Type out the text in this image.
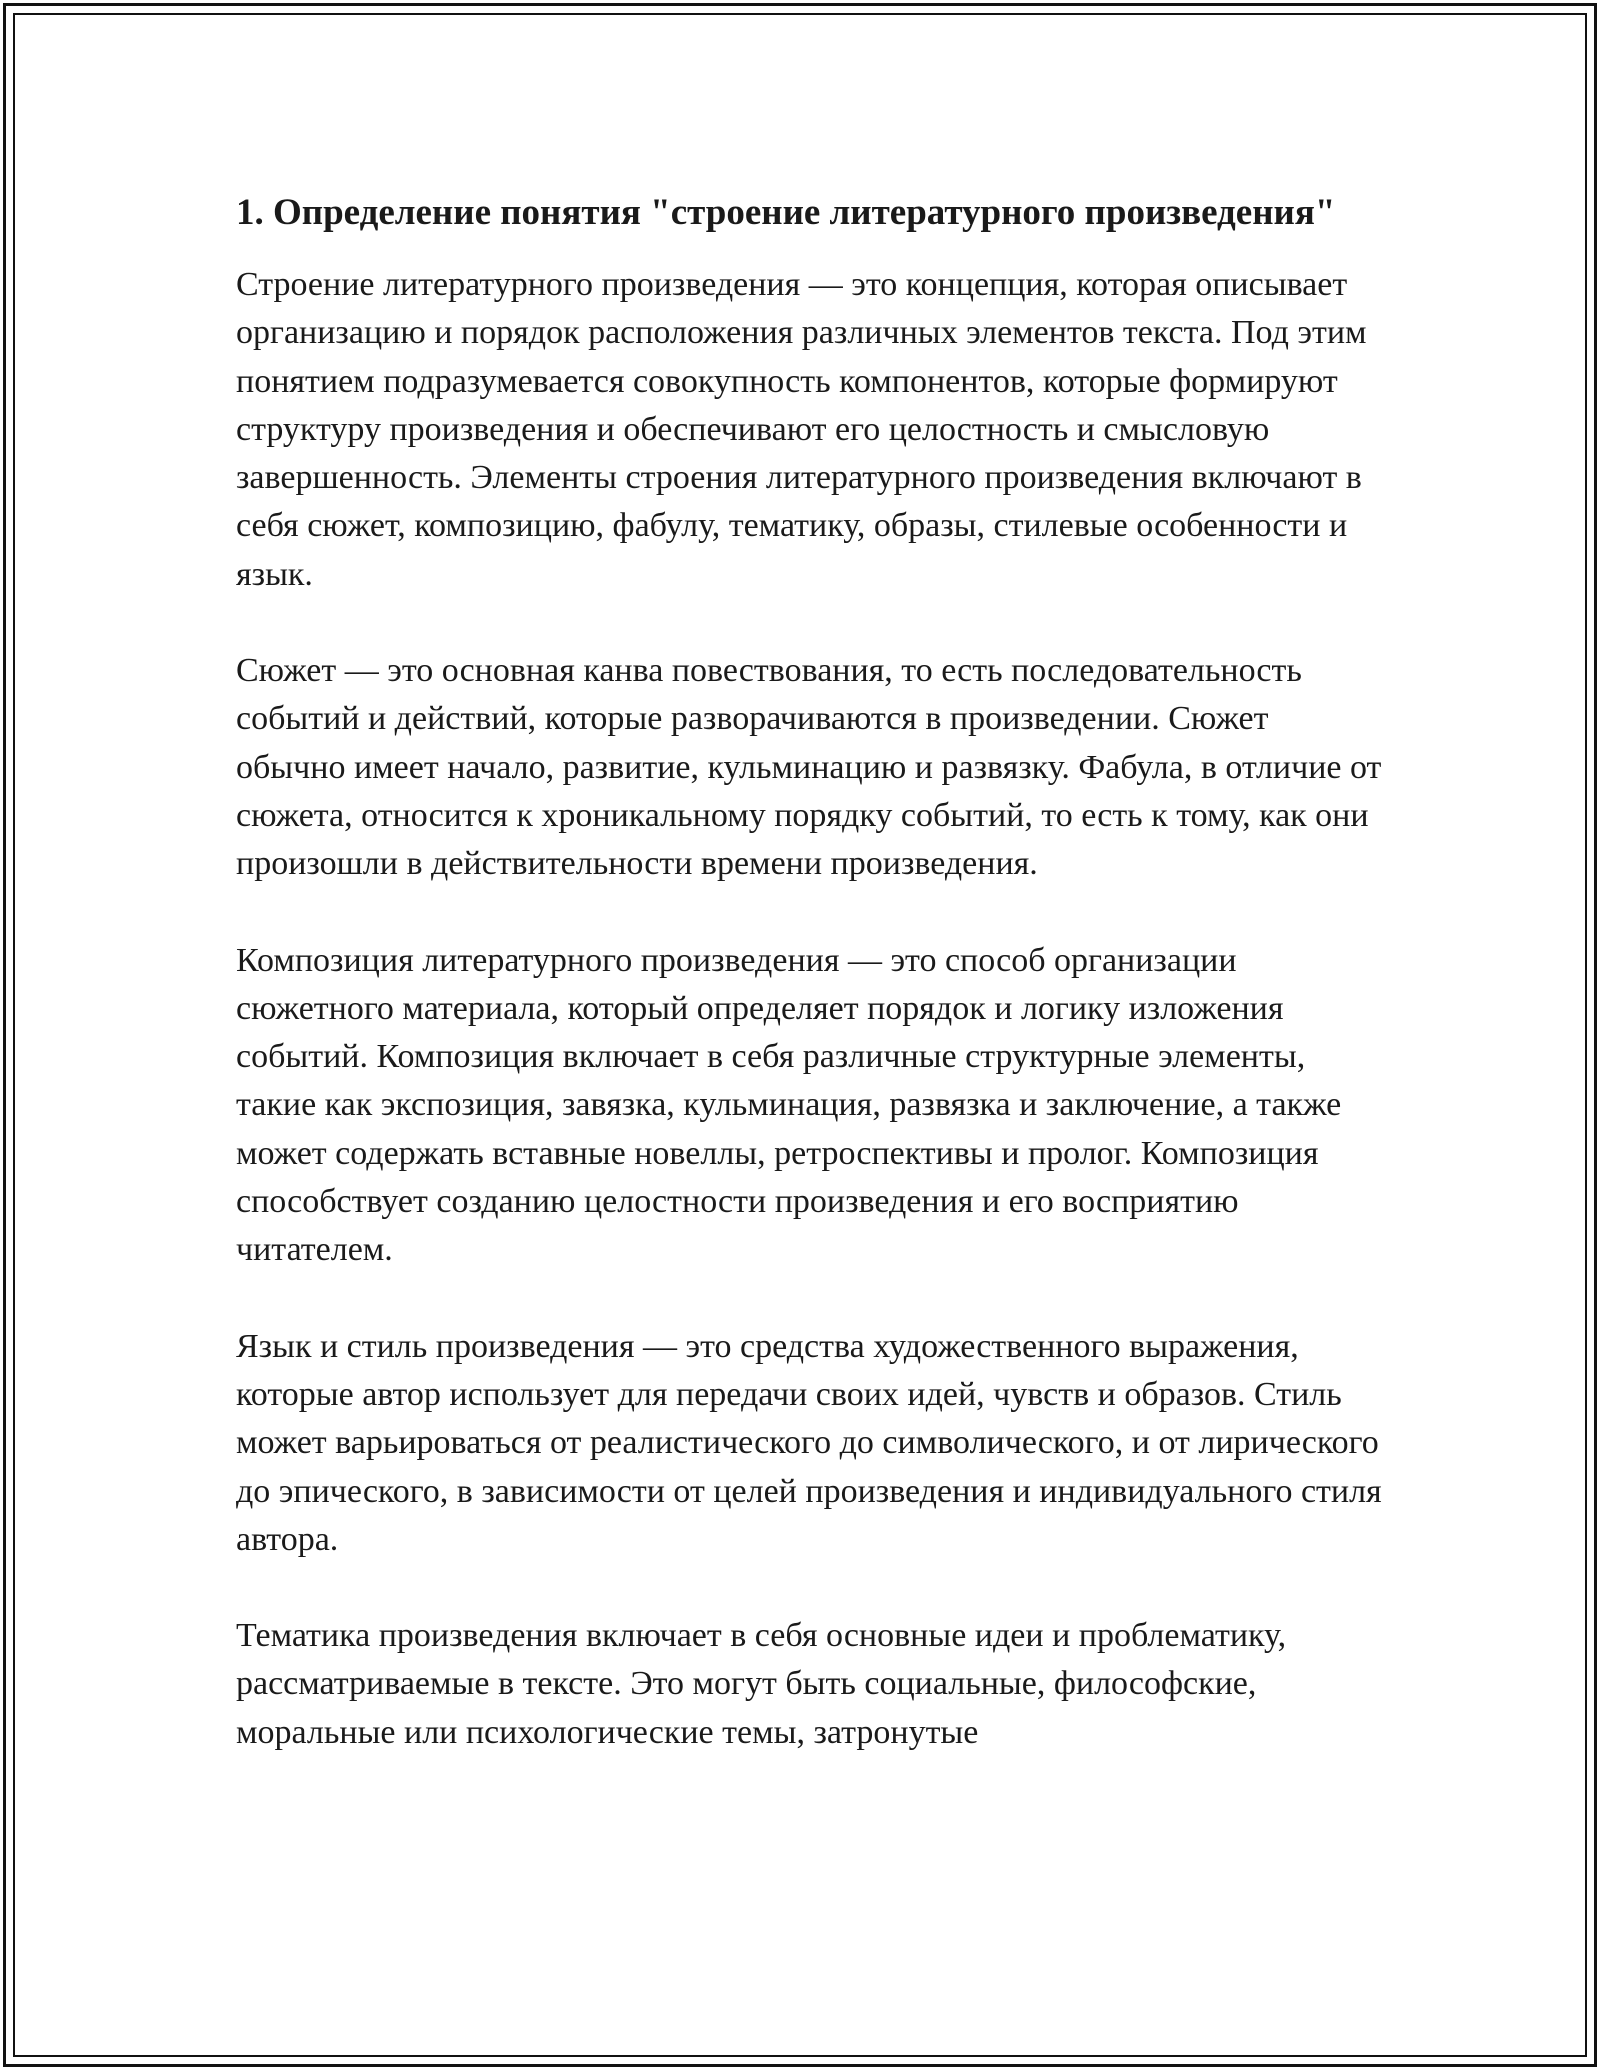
1. Определение понятия "строение литературного произведения"

Строение литературного произведения — это концепция, которая описывает организацию и порядок расположения различных элементов текста. Под этим понятием подразумевается совокупность компонентов, которые формируют структуру произведения и обеспечивают его целостность и смысловую завершенность. Элементы строения литературного произведения включают в себя сюжет, композицию, фабулу, тематику, образы, стилевые особенности и язык.

Сюжет — это основная канва повествования, то есть последовательность событий и действий, которые разворачиваются в произведении. Сюжет обычно имеет начало, развитие, кульминацию и развязку. Фабула, в отличие от сюжета, относится к хроникальному порядку событий, то есть к тому, как они произошли в действительности времени произведения.

Композиция литературного произведения — это способ организации сюжетного материала, который определяет порядок и логику изложения событий. Композиция включает в себя различные структурные элементы, такие как экспозиция, завязка, кульминация, развязка и заключение, а также может содержать вставные новеллы, ретроспективы и пролог. Композиция способствует созданию целостности произведения и его восприятию читателем.

Язык и стиль произведения — это средства художественного выражения, которые автор использует для передачи своих идей, чувств и образов. Стиль может варьироваться от реалистического до символического, и от лирического до эпического, в зависимости от целей произведения и индивидуального стиля автора.

Тематика произведения включает в себя основные идеи и проблематику, рассматриваемые в тексте. Это могут быть социальные, философские, моральные или психологические темы, затронутые
